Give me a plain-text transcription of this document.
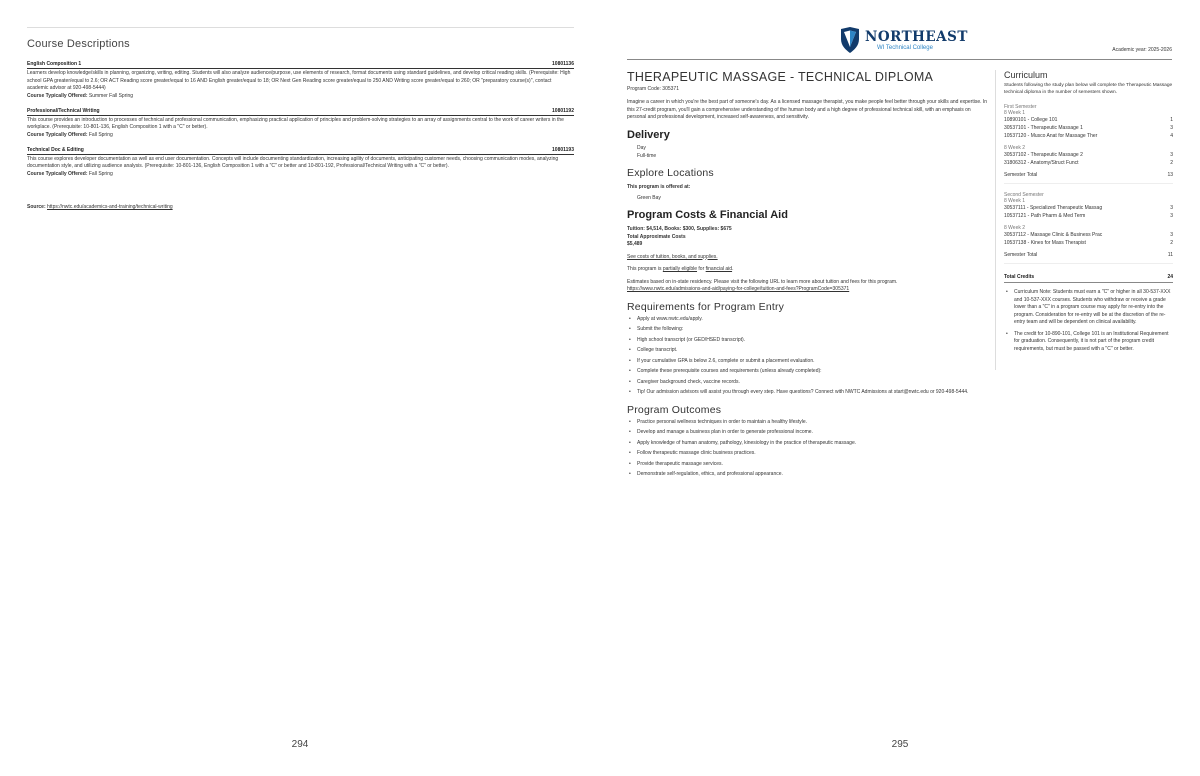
Course Descriptions
English Composition 1	10801136
Learners develop knowledge/skills in planning, organizing, writing, editing. Students will also analyze audience/purpose, use elements of research, format documents using standard guidelines, and develop critical reading skills. (Prerequisite: High school GPA greater/equal to 2.6; OR ACT Reading score greater/equal to 16 AND English greater/equal to 18; OR Next Gen Reading score greater/equal to 250 AND Writing score greater/equal to 260; OR "preparatory course(s)", contact academic advisor at 920-498-5444)
Course Typically Offered: Summer Fall Spring
Professional/Technical Writing	10801192
This course provides an introduction to processes of technical and professional communication, emphasizing practical application of principles and problem-solving strategies to an array of assignments central to the work of career writers in the workplace. (Prerequisite: 10-801-136, English Composition 1 with a "C" or better).
Course Typically Offered: Fall Spring
Technical Doc & Editing	10801193
This course explores developer documentation as well as end user documentation. Concepts will include documenting standardization, increasing agility of documents, anticipating customer needs, choosing communication modes, analyzing documentation style, and utilizing audience analysis. (Prerequisite: 10-801-136, English Composition 1 with a "C" or better and 10-801-192, Professional/Technical Writing with a "C" or better).
Course Typically Offered: Fall Spring
Source: https://nwtc.edu/academics-and-training/technical-writing
294
NORTHEAST
WI Technical College	Academic year: 2025-2026
THERAPEUTIC MASSAGE - TECHNICAL DIPLOMA
Program Code: 305371
Imagine a career in which you're the best part of someone's day. As a licensed massage therapist, you make people feel better through your skills and expertise. In this 27-credit program, you'll gain a comprehensive understanding of the human body and a high degree of professional technical skill, with an emphasis on personal and professional development, increased self-awareness, and sensitivity.
Delivery
Day
Full-time
Explore Locations
This program is offered at:
Green Bay
Program Costs & Financial Aid
Tuition: $4,514, Books: $300, Supplies: $675
Total Approximate Costs
$5,489
See costs of tuition, books, and supplies.
This program is partially eligible for financial aid.
Estimates based on in-state residency. Please visit the following URL to learn more about tuition and fees for this program.
https://www.nwtc.edu/admissions-and-aid/paying-for-college/tuition-and-fees?ProgramCode=305371
Requirements for Program Entry
• Apply at www.nwtc.edu/apply.
• Submit the following:
• High school transcript (or GED/HSED transcript).
• College transcript.
• If your cumulative GPA is below 2.6, complete or submit a placement evaluation.
• Complete these prerequisite courses and requirements (unless already completed):
• Caregiver background check, vaccine records.
• Tip! Our admission advisors will assist you through every step. Have questions? Connect with NWTC Admissions at start@nwtc.edu or 920-498-5444.
Program Outcomes
• Practice personal wellness techniques in order to maintain a healthy lifestyle.
• Develop and manage a business plan in order to generate professional income.
• Apply knowledge of human anatomy, pathology, kinesiology in the practice of therapeutic massage.
• Follow therapeutic massage clinic business practices.
• Provide therapeutic massage services.
• Demonstrate self-regulation, ethics, and professional appearance.
Curriculum
Students following the study plan below will complete the Therapeutic Massage technical diploma in the number of semesters shown.
First Semester
8 Week 1
10890101 - College 101	1
30537101 - Therapeutic Massage 1	3
10537120 - Musco Anat for Massage Ther	4
8 Week 2
30537102 - Therapeutic Massage 2	3
31806312 - Anatomy/Struct Funct	2
Semester Total	13
Second Semester
8 Week 1
30537111 - Specialized Therapeutic Massag	3
10537121 - Path Pharm & Med Term	3
8 Week 2
30537112 - Massage Clinic & Business Prac	3
10537138 - Kines for Mass Therapist	2
Semester Total	11
Total Credits	24
• Curriculum Note: Students must earn a "C" or higher in all 30-537-XXX and 10-537-XXX courses. Students who withdraw or receive a grade lower than a "C" in a program course may apply for re-entry into the program. Consideration for re-entry will be at the discretion of the re-entry team and will be dependent on clinical availability.
• The credit for 10-890-101, College 101 is an Institutional Requirement for graduation. Consequently, it is not part of the program credit requirements, but must be passed with a "C" or better.
295
